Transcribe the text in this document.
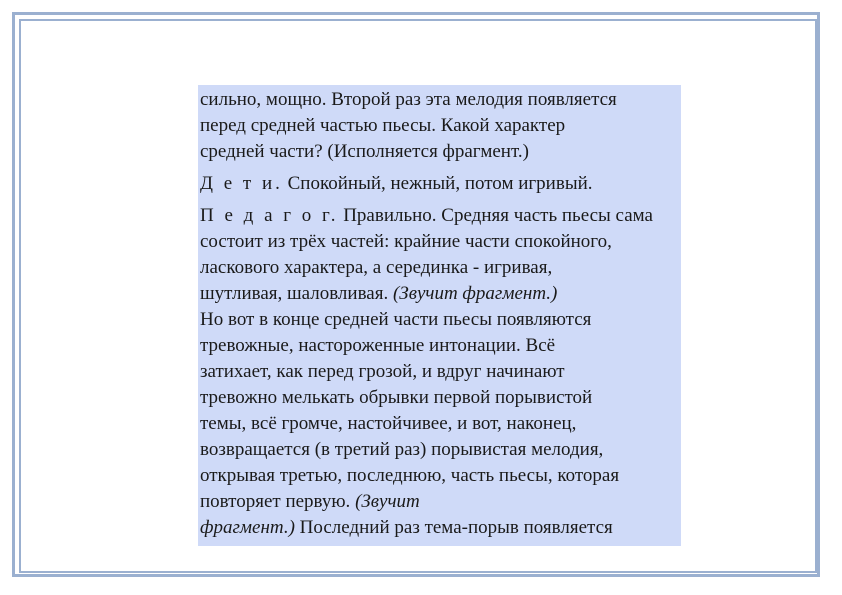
сильно, мощно. Второй раз эта мелодия появляется
перед средней частью пьесы. Какой характер
средней части? (Исполняется фрагмент.)

Д е т и. Спокойный, нежный, потом игривый.

П е д а г о г. Правильно. Средняя часть пьесы сама
состоит из трёх частей: крайние части спокойного,
ласкового характера, а серединка - игривая,
шутливая, шаловливая. (Звучит фрагмент.)

Но вот в конце средней части пьесы появляются
тревожные, настороженные интонации. Всё
затихает, как перед грозой, и вдруг начинают
тревожно мелькать обрывки первой порывистой
темы, всё громче, настойчивее, и вот, наконец,
возвращается (в третий раз) порывистая мелодия,
открывая третью, последнюю, часть пьесы, которая
повторяет первую. (Звучит
фрагмент.) Последний раз тема-порыв появляется
